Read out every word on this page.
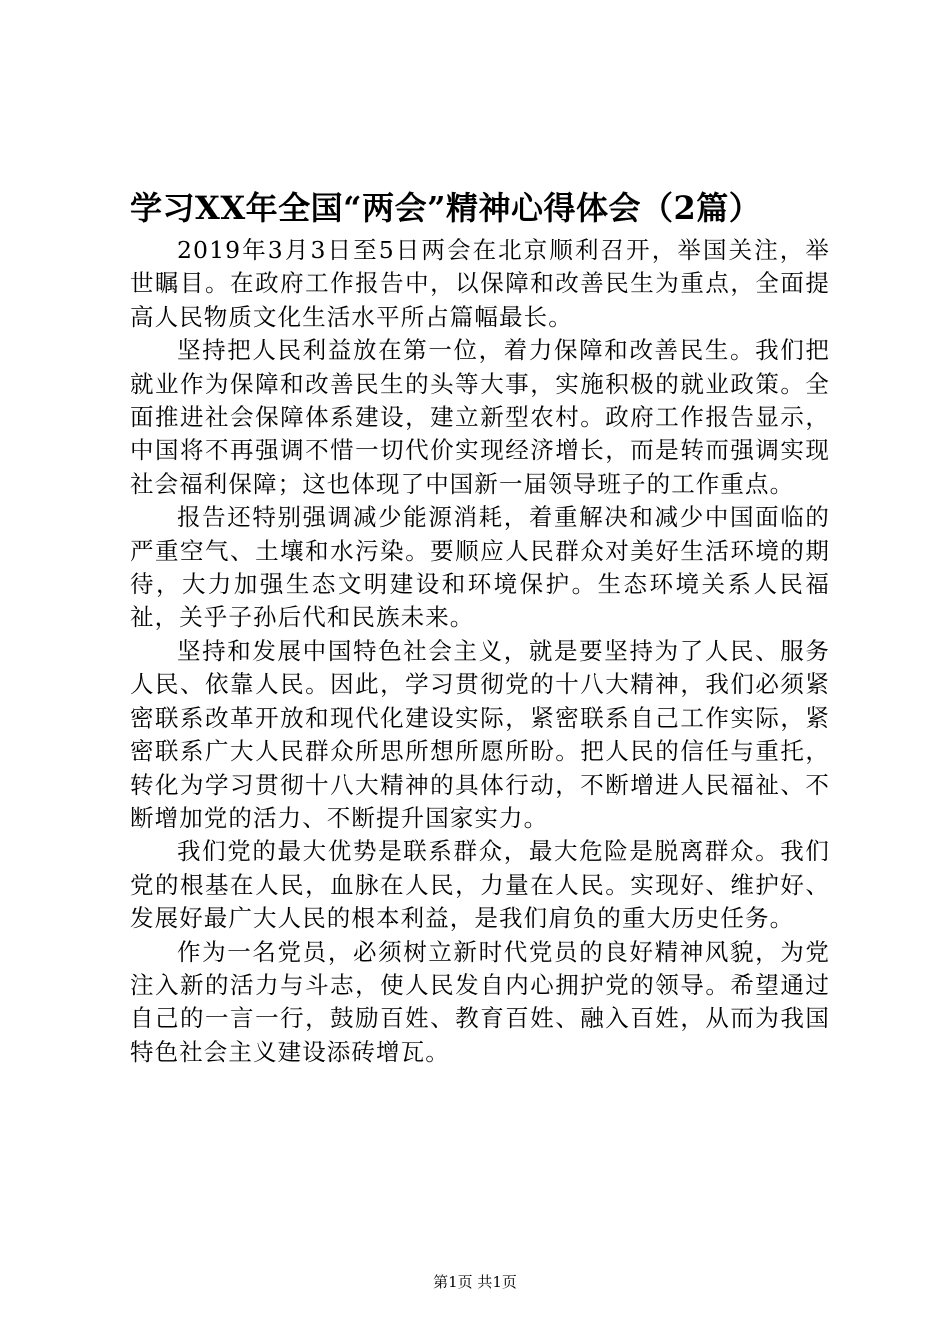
学习XX年全国“两会”精神心得体会（2篇）

2019年3月3日至5日两会在北京顺利召开，举国关注，举世瞩目。在政府工作报告中，以保障和改善民生为重点，全面提高人民物质文化生活水平所占篇幅最长。

坚持把人民利益放在第一位，着力保障和改善民生。我们把就业作为保障和改善民生的头等大事，实施积极的就业政策。全面推进社会保障体系建设，建立新型农村。政府工作报告显示，中国将不再强调不惜一切代价实现经济增长，而是转而强调实现社会福利保障；这也体现了中国新一届领导班子的工作重点。

报告还特别强调减少能源消耗，着重解决和减少中国面临的严重空气、土壤和水污染。要顺应人民群众对美好生活环境的期待，大力加强生态文明建设和环境保护。生态环境关系人民福祉，关乎子孙后代和民族未来。

坚持和发展中国特色社会主义，就是要坚持为了人民、服务人民、依靠人民。因此，学习贯彻党的十八大精神，我们必须紧密联系改革开放和现代化建设实际，紧密联系自己工作实际，紧密联系广大人民群众所思所想所愿所盼。把人民的信任与重托，转化为学习贯彻十八大精神的具体行动，不断增进人民福祉、不断增加党的活力、不断提升国家实力。

我们党的最大优势是联系群众，最大危险是脱离群众。我们党的根基在人民，血脉在人民，力量在人民。实现好、维护好、发展好最广大人民的根本利益，是我们肩负的重大历史任务。

作为一名党员，必须树立新时代党员的良好精神风貌，为党注入新的活力与斗志，使人民发自内心拥护党的领导。希望通过自己的一言一行，鼓励百姓、教育百姓、融入百姓，从而为我国特色社会主义建设添砖增瓦。

第1页 共1页
